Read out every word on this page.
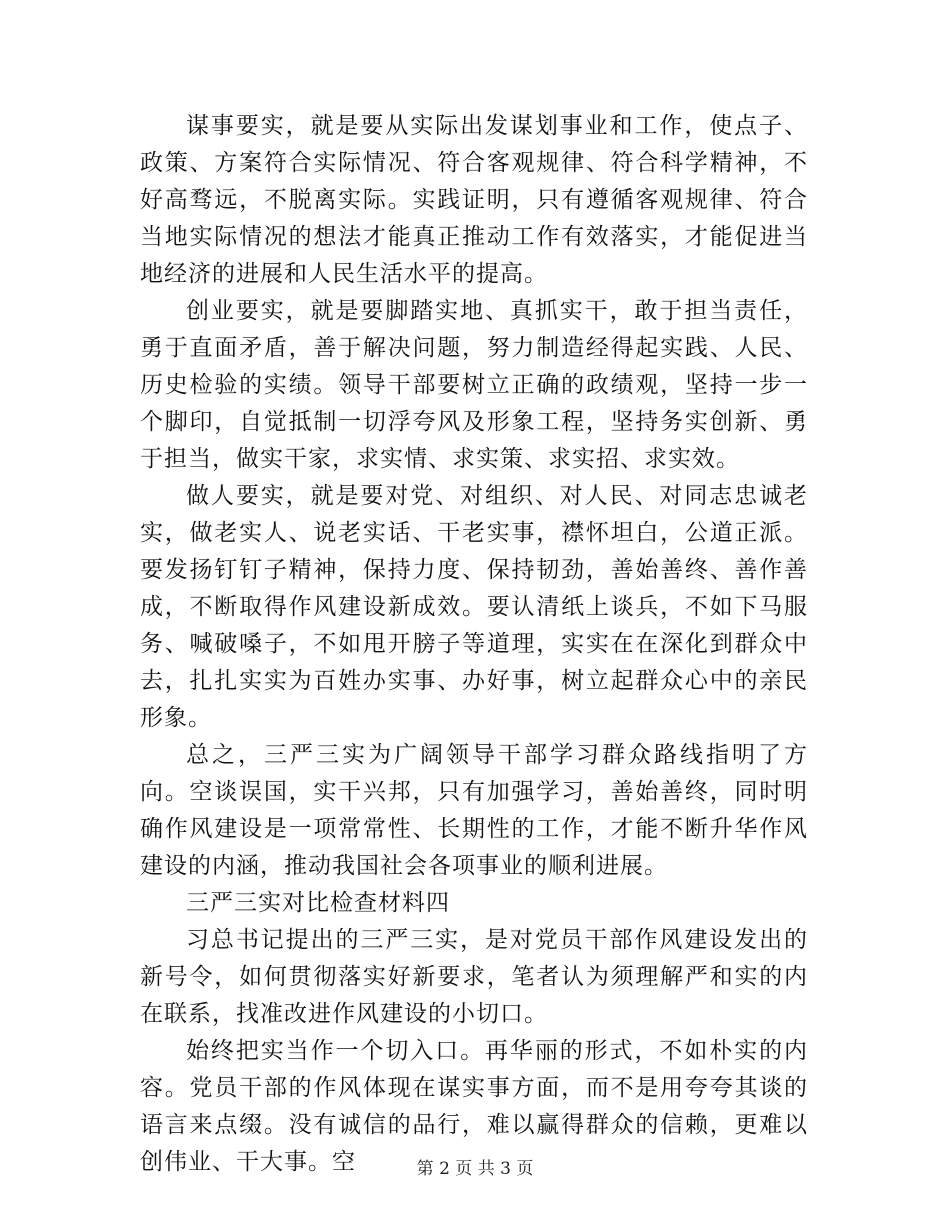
谋事要实，就是要从实际出发谋划事业和工作，使点子、政策、方案符合实际情况、符合客观规律、符合科学精神，不好高骛远，不脱离实际。实践证明，只有遵循客观规律、符合当地实际情况的想法才能真正推动工作有效落实，才能促进当地经济的进展和人民生活水平的提高。

创业要实，就是要脚踏实地、真抓实干，敢于担当责任，勇于直面矛盾，善于解决问题，努力制造经得起实践、人民、历史检验的实绩。领导干部要树立正确的政绩观，坚持一步一个脚印，自觉抵制一切浮夸风及形象工程，坚持务实创新、勇于担当，做实干家，求实情、求实策、求实招、求实效。

做人要实，就是要对党、对组织、对人民、对同志忠诚老实，做老实人、说老实话、干老实事，襟怀坦白，公道正派。要发扬钉钉子精神，保持力度、保持韧劲，善始善终、善作善成，不断取得作风建设新成效。要认清纸上谈兵，不如下马服务、喊破嗓子，不如甩开膀子等道理，实实在在深化到群众中去，扎扎实实为百姓办实事、办好事，树立起群众心中的亲民形象。

总之，三严三实为广阔领导干部学习群众路线指明了方向。空谈误国，实干兴邦，只有加强学习，善始善终，同时明确作风建设是一项常常性、长期性的工作，才能不断升华作风建设的内涵，推动我国社会各项事业的顺利进展。

三严三实对比检查材料四

习总书记提出的三严三实，是对党员干部作风建设发出的新号令，如何贯彻落实好新要求，笔者认为须理解严和实的内在联系，找准改进作风建设的小切口。

始终把实当作一个切入口。再华丽的形式，不如朴实的内容。党员干部的作风体现在谋实事方面，而不是用夸夸其谈的语言来点缀。没有诚信的品行，难以赢得群众的信赖，更难以创伟业、干大事。空	第 2 页 共 3 页
